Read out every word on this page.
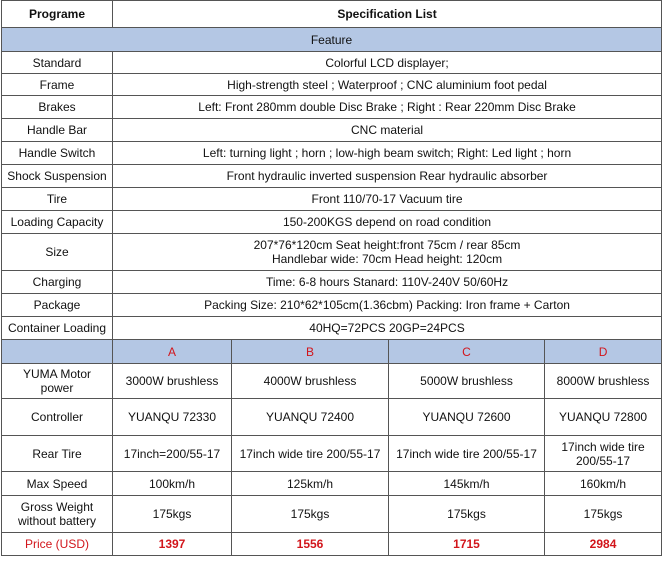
Programe	Specification List			
Feature				
Standard	Colorful LCD displayer;			
Frame	High-strength steel ; Waterproof ; CNC aluminium foot pedal			
Brakes	Left: Front 280mm double Disc Brake ; Right : Rear 220mm Disc Brake			
Handle Bar	CNC material			
Handle Switch	Left: turning light ; horn ; low-high beam switch; Right: Led light ; horn			
Shock Suspension	Front hydraulic inverted suspension Rear hydraulic absorber			
Tire	Front 110/70-17 Vacuum tire			
Loading Capacity	150-200KGS depend on road condition			
Size	207*76*120cm Seat height:front 75cm / rear 85cm
Handlebar wide: 70cm Head height: 120cm			

Charging	Time: 6-8 hours Stanard: 110V-240V 50/60Hz			
Package	Packing Size: 210*62*105cm(1.36cbm) Packing: Iron frame + Carton			
Container Loading	40HQ=72PCS 20GP=24PCS			
	A	B	C	D

YUMA Motor
power	3000W brushless	4000W brushless	5000W brushless	8000W brushless
Controller	YUANQU 72330	YUANQU 72400	YUANQU 72600	YUANQU 72800
Rear Tire	17inch=200/55-17	17inch wide tire 200/55-17	17inch wide tire 200/55-17	17inch wide tire 200/55-17
Max Speed	100km/h	125km/h	145km/h	160km/h

Gross Weight
without battery	175kgs	175kgs	175kgs	175kgs
Price (USD)	1397	1556	1715	2984
